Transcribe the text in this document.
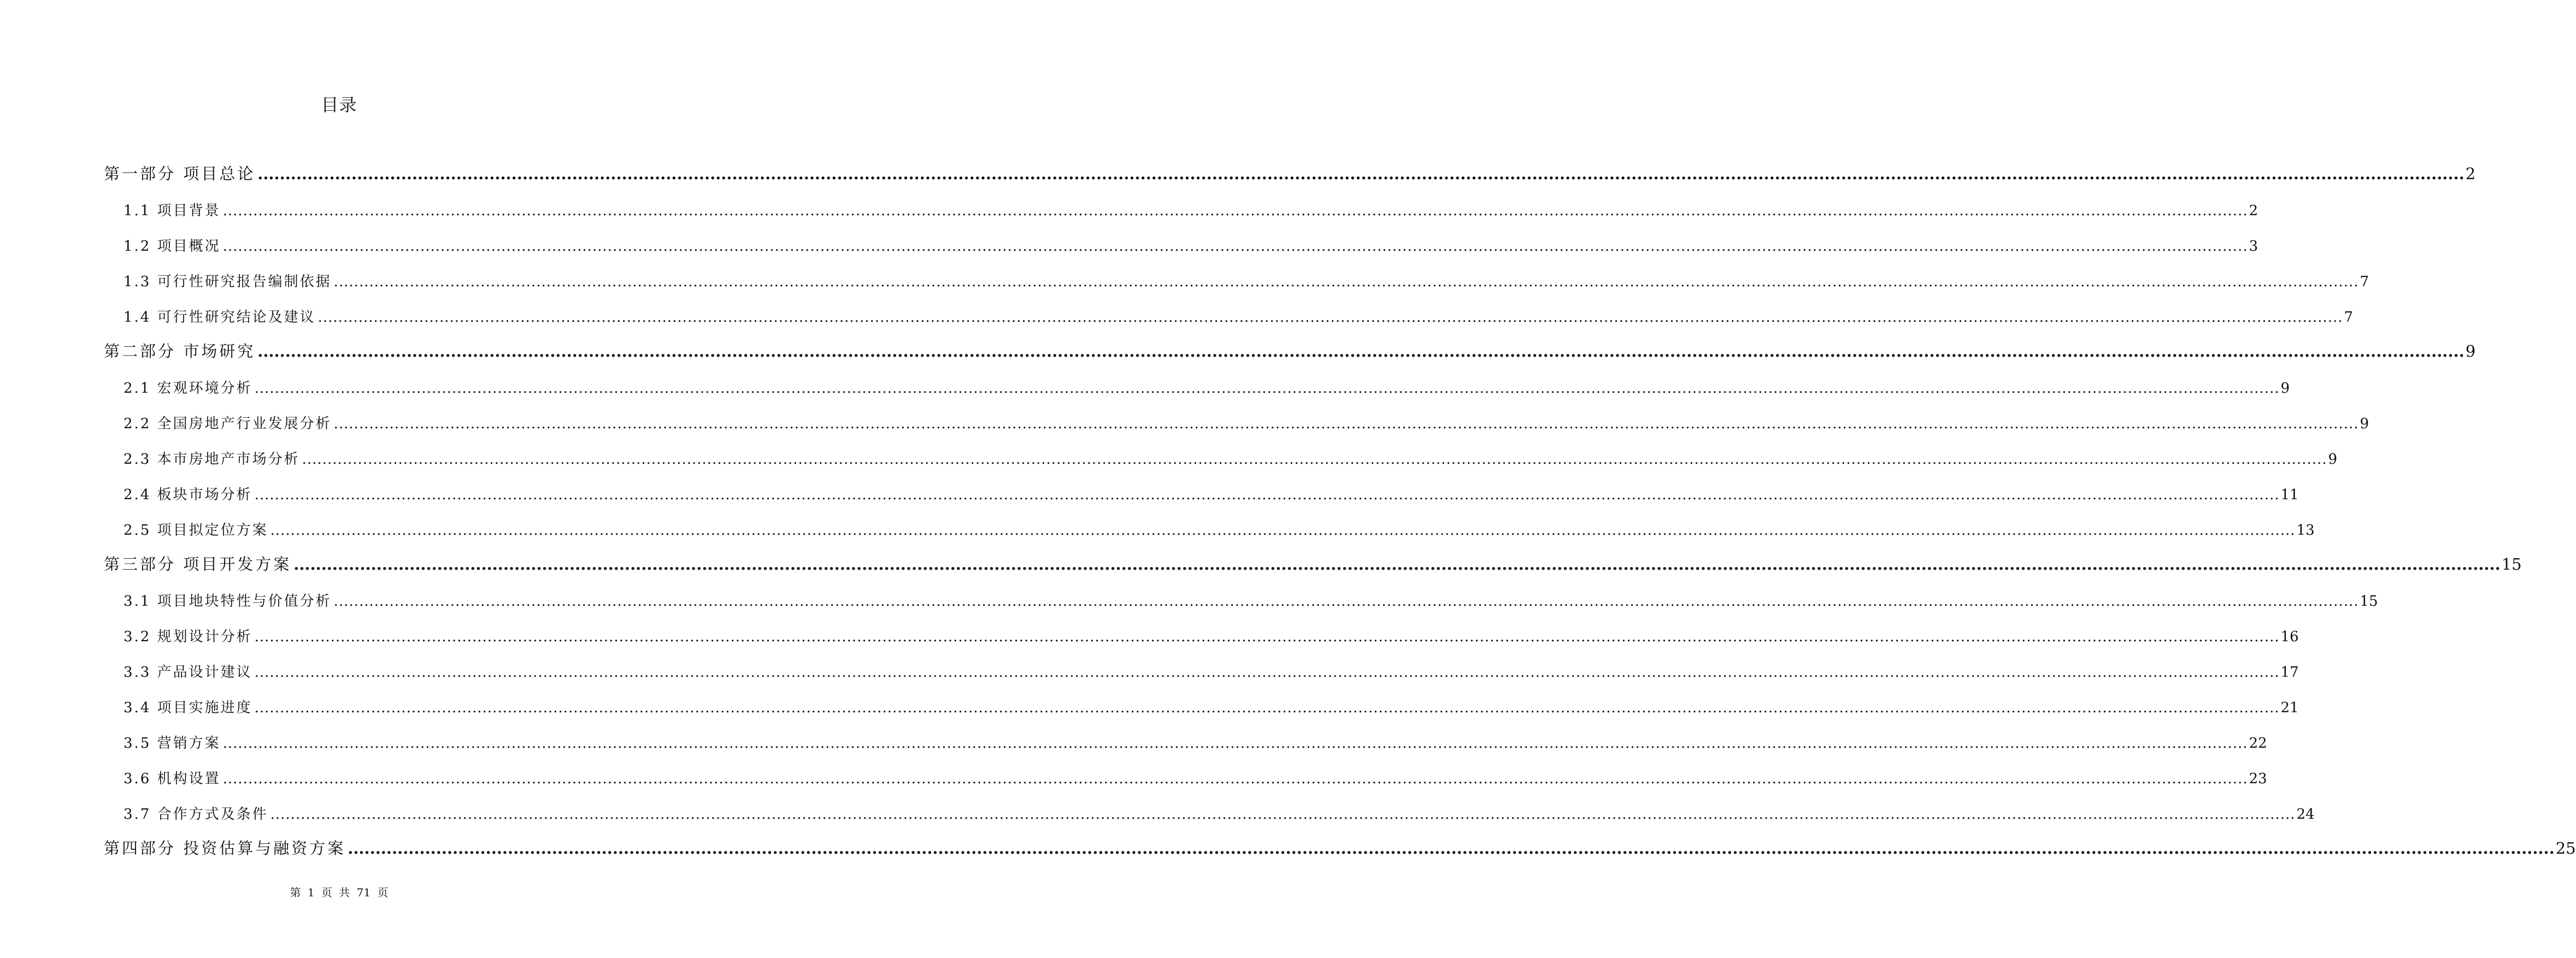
目录
第一部分 项目总论 ................................................................................................................................................................................................................................................................................................................................................................................................................ 2
1.1 项目背景 ................................................................................................................................................................................................................................................................................................................................................................................................................ 2
1.2 项目概况 ................................................................................................................................................................................................................................................................................................................................................................................................................ 3
1.3 可行性研究报告编制依据 ................................................................................................................................................................................................................................................................................................................................................................................................................ 7
1.4 可行性研究结论及建议 ................................................................................................................................................................................................................................................................................................................................................................................................................ 7
第二部分 市场研究 ................................................................................................................................................................................................................................................................................................................................................................................................................ 9
2.1 宏观环境分析 ................................................................................................................................................................................................................................................................................................................................................................................................................ 9
2.2 全国房地产行业发展分析 ................................................................................................................................................................................................................................................................................................................................................................................................................ 9
2.3 本市房地产市场分析 ................................................................................................................................................................................................................................................................................................................................................................................................................ 9
2.4 板块市场分析 ................................................................................................................................................................................................................................................................................................................................................................................................................ 11
2.5 项目拟定位方案 ................................................................................................................................................................................................................................................................................................................................................................................................................ 13
第三部分 项目开发方案 ................................................................................................................................................................................................................................................................................................................................................................................................................ 15
3.1 项目地块特性与价值分析 ................................................................................................................................................................................................................................................................................................................................................................................................................ 15
3.2 规划设计分析 ................................................................................................................................................................................................................................................................................................................................................................................................................ 16
3.3 产品设计建议 ................................................................................................................................................................................................................................................................................................................................................................................................................ 17
3.4 项目实施进度 ................................................................................................................................................................................................................................................................................................................................................................................................................ 21
3.5 营销方案 ................................................................................................................................................................................................................................................................................................................................................................................................................ 22
3.6 机构设置 ................................................................................................................................................................................................................................................................................................................................................................................................................ 23
3.7 合作方式及条件 ................................................................................................................................................................................................................................................................................................................................................................................................................ 24
第四部分 投资估算与融资方案 ................................................................................................................................................................................................................................................................................................................................................................................................................ 25
第 1 页 共 71 页
